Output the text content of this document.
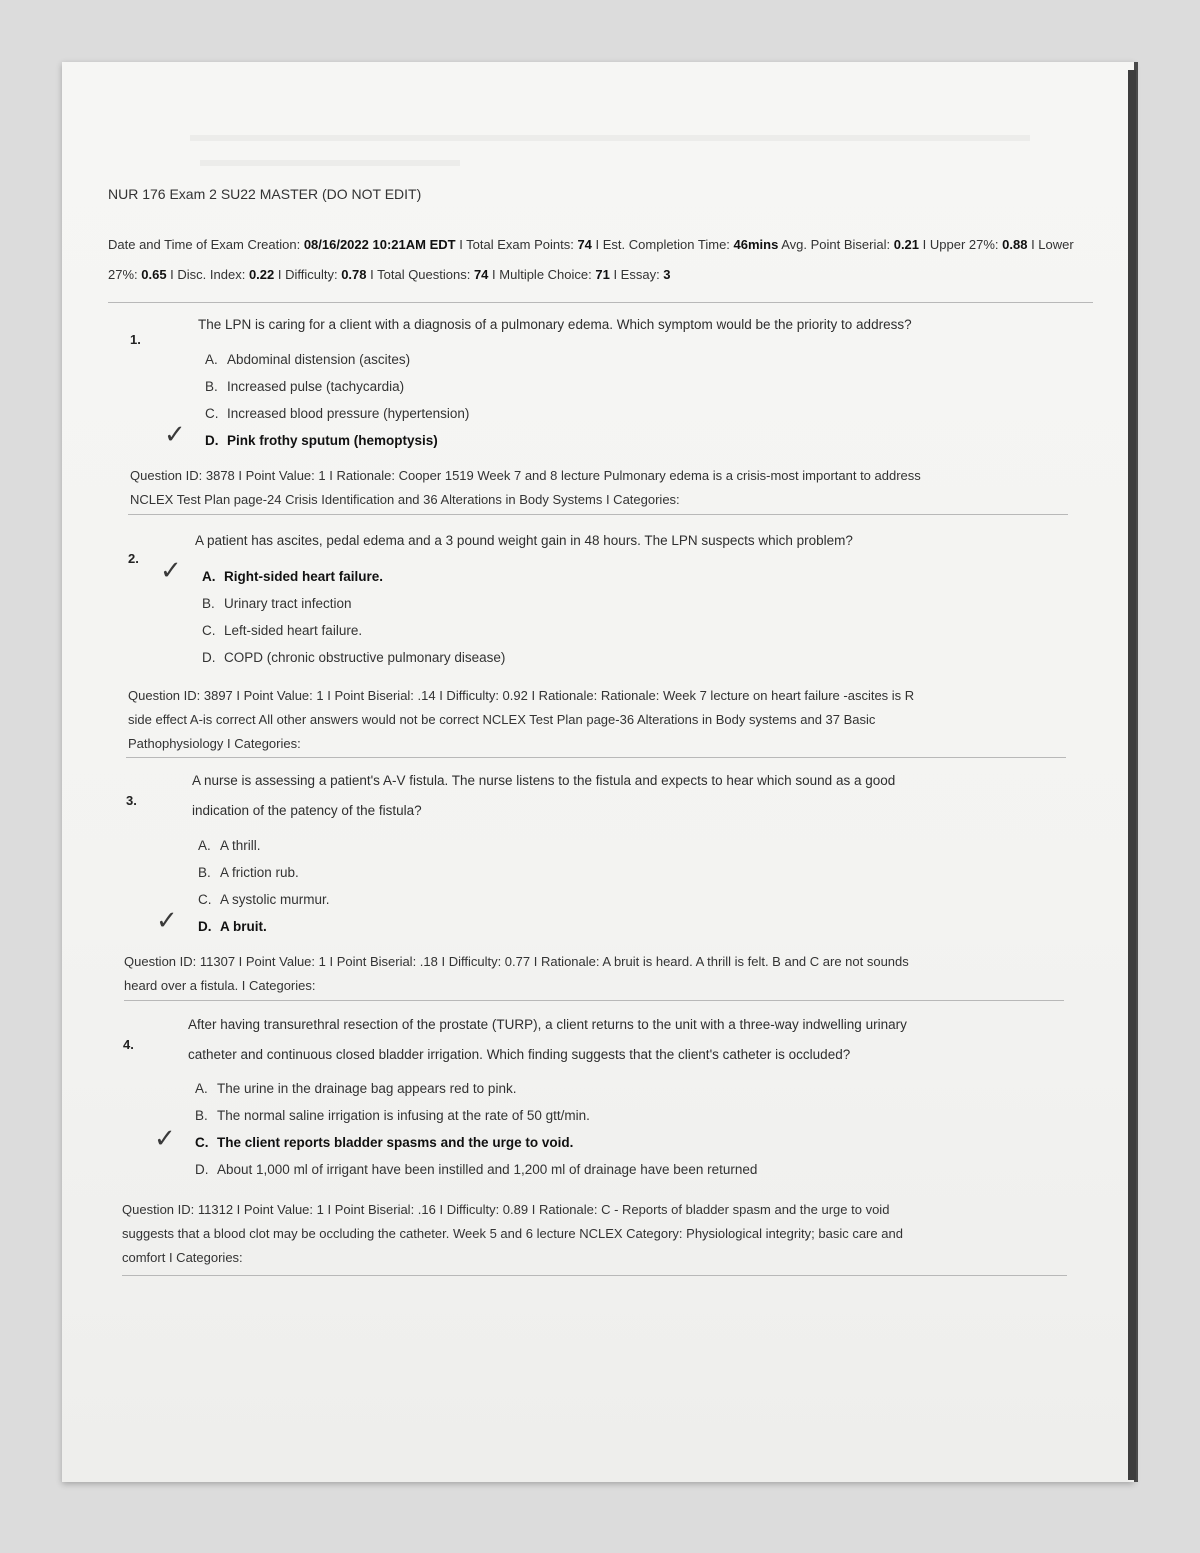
NUR 176 Exam 2 SU22 MASTER (DO NOT EDIT)
Date and Time of Exam Creation: 08/16/2022 10:21AM EDT I Total Exam Points: 74 I Est. Completion Time: 46mins Avg. Point Biserial: 0.21 I Upper 27%: 0.88 I Lower 27%: 0.65 I Disc. Index: 0.22 I Difficulty: 0.78 I Total Questions: 74 I Multiple Choice: 71 I Essay: 3
1.
The LPN is caring for a client with a diagnosis of a pulmonary edema. Which symptom would be the priority to address?
A. Abdominal distension (ascites)
B. Increased pulse (tachycardia)
C. Increased blood pressure (hypertension)
D. Pink frothy sputum (hemoptysis)
✓
Question ID: 3878 I Point Value: 1 I Rationale: Cooper 1519 Week 7 and 8 lecture Pulmonary edema is a crisis-most important to address
NCLEX Test Plan page-24 Crisis Identification and 36 Alterations in Body Systems I Categories:
2.
A patient has ascites, pedal edema and a 3 pound weight gain in 48 hours. The LPN suspects which problem?
A. Right-sided heart failure.
B. Urinary tract infection
C. Left-sided heart failure.
D. COPD (chronic obstructive pulmonary disease)
✓
Question ID: 3897 I Point Value: 1 I Point Biserial: .14 I Difficulty: 0.92 I Rationale: Rationale: Week 7 lecture on heart failure -ascites is R
side effect A-is correct All other answers would not be correct NCLEX Test Plan page-36 Alterations in Body systems and 37 Basic
Pathophysiology I Categories:
3.
A nurse is assessing a patient's A-V fistula. The nurse listens to the fistula and expects to hear which sound as a good
indication of the patency of the fistula?
A. A thrill.
B. A friction rub.
C. A systolic murmur.
D. A bruit.
✓
Question ID: 11307 I Point Value: 1 I Point Biserial: .18 I Difficulty: 0.77 I Rationale: A bruit is heard. A thrill is felt. B and C are not sounds
heard over a fistula. I Categories:
4.
After having transurethral resection of the prostate (TURP), a client returns to the unit with a three-way indwelling urinary
catheter and continuous closed bladder irrigation. Which finding suggests that the client's catheter is occluded?
A. The urine in the drainage bag appears red to pink.
B. The normal saline irrigation is infusing at the rate of 50 gtt/min.
C. The client reports bladder spasms and the urge to void.
D. About 1,000 ml of irrigant have been instilled and 1,200 ml of drainage have been returned
✓
Question ID: 11312 I Point Value: 1 I Point Biserial: .16 I Difficulty: 0.89 I Rationale: C - Reports of bladder spasm and the urge to void
suggests that a blood clot may be occluding the catheter. Week 5 and 6 lecture NCLEX Category: Physiological integrity; basic care and
comfort I Categories:
